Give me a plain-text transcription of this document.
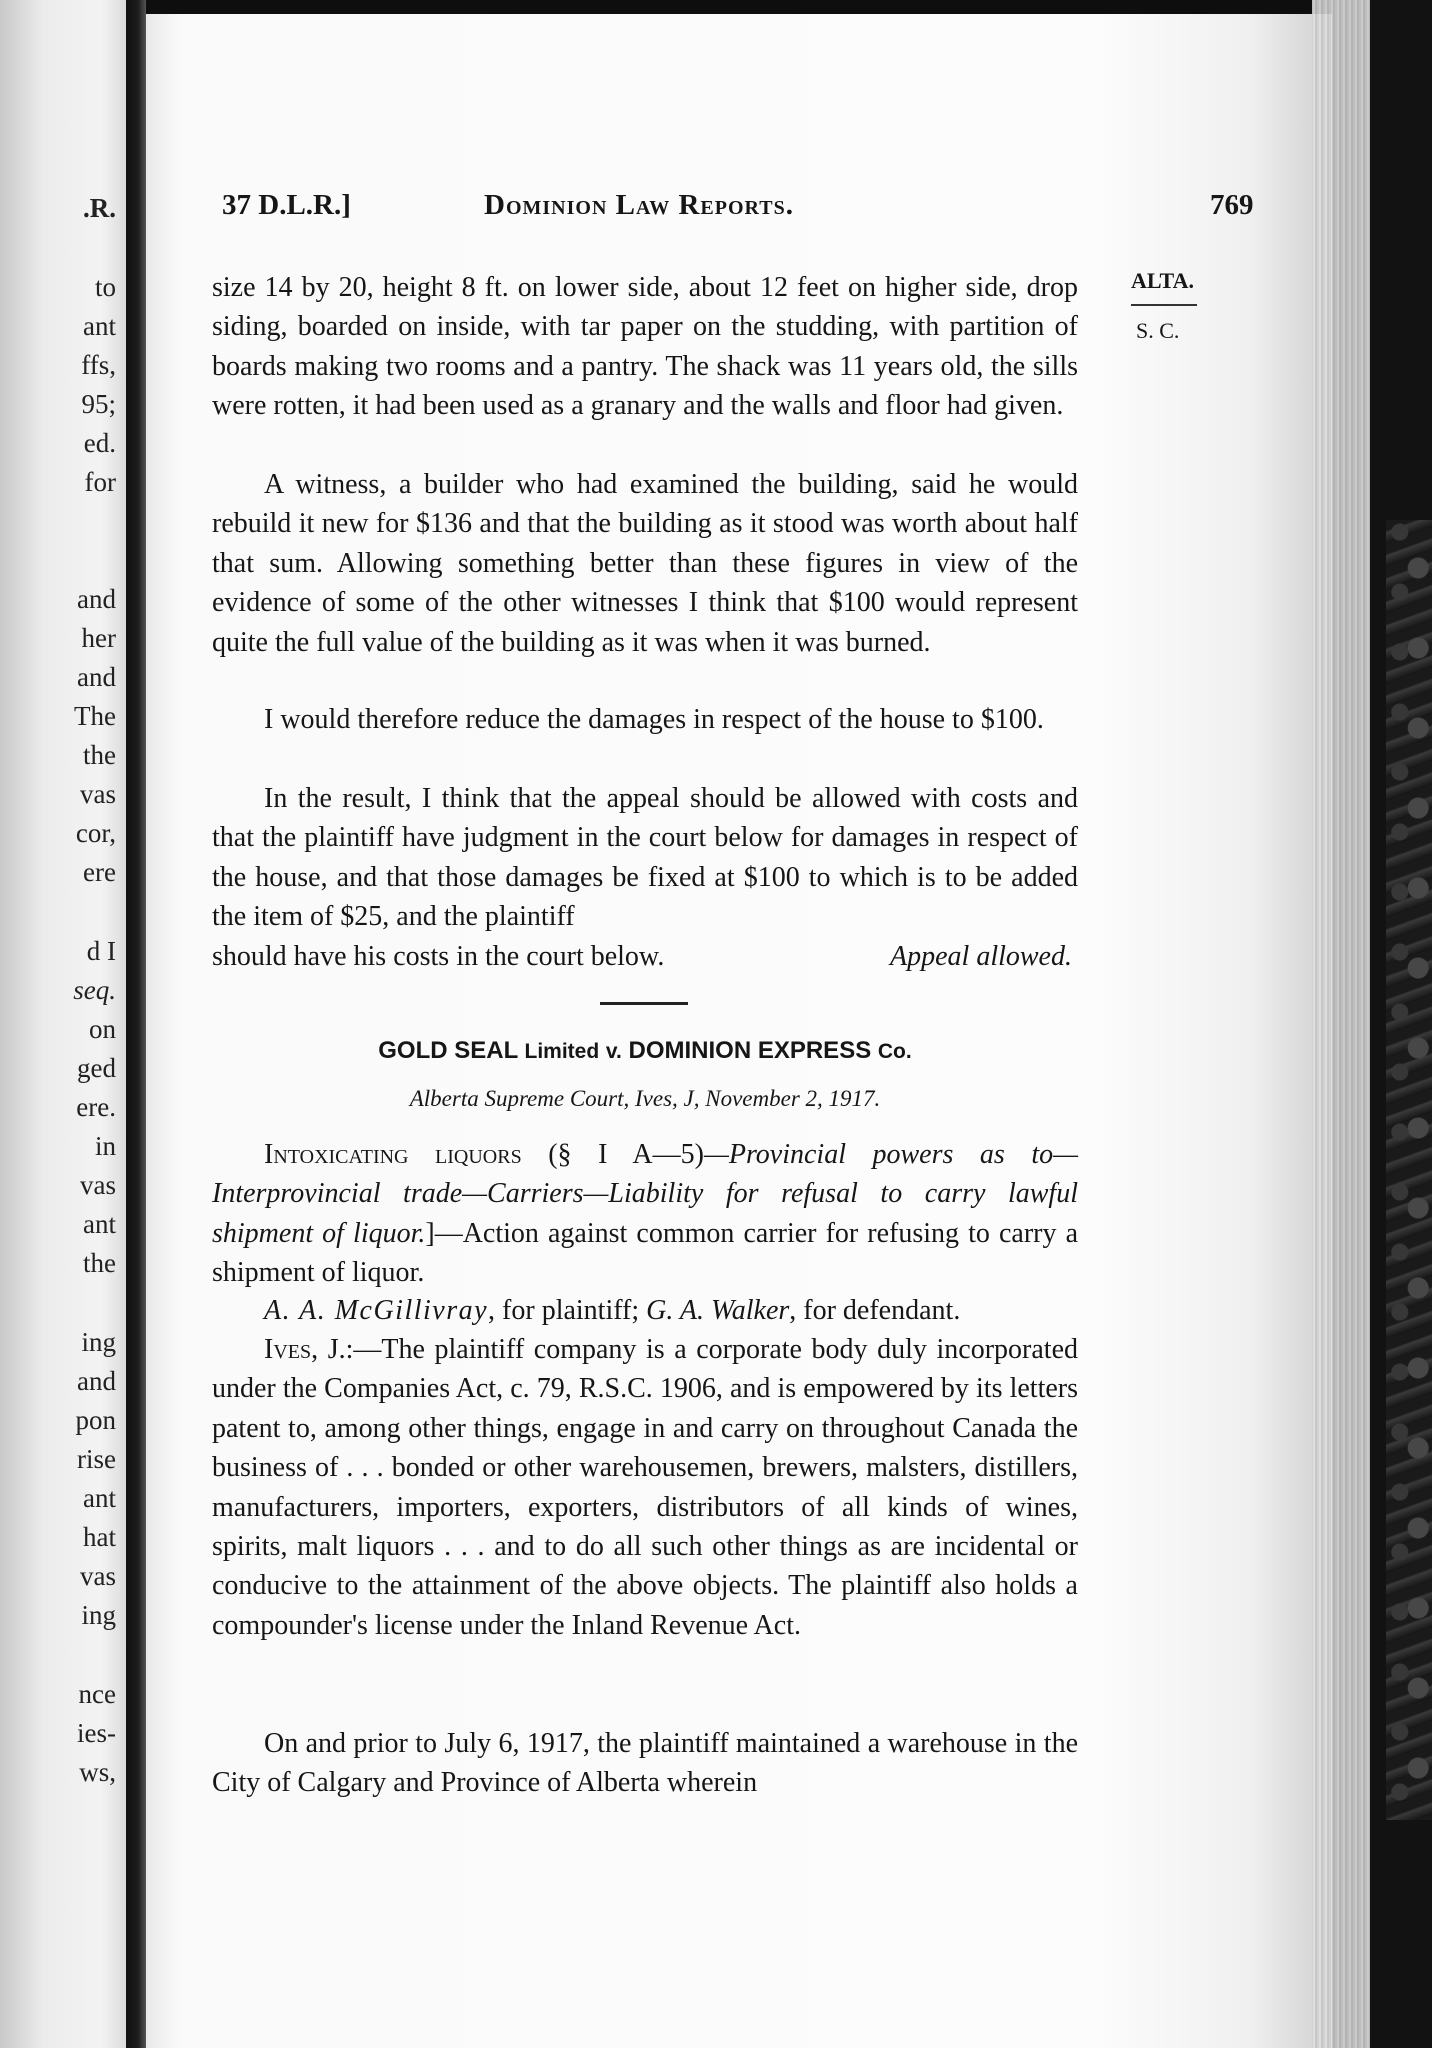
.R.
to
ant
ffs,
95;
ed.
for
and
her
and
The
the
vas
cor,
ere
d I
seq.
on
ged
ere.
in
vas
ant
the
ing
and
pon
rise
ant
hat
vas
ing
nce
ies-
ws,
37 D.L.R.]	Dominion Law Reports.	769
ALTA.
S. C.

size 14 by 20, height 8 ft. on lower side, about 12 feet on higher side, drop siding, boarded on inside, with tar paper on the studding, with partition of boards making two rooms and a pantry. The shack was 11 years old, the sills were rotten, it had been used as a granary and the walls and floor had given.

A witness, a builder who had examined the building, said he would rebuild it new for $136 and that the building as it stood was worth about half that sum. Allowing something better than these figures in view of the evidence of some of the other witnesses I think that $100 would represent quite the full value of the building as it was when it was burned.

I would therefore reduce the damages in respect of the house to $100.

In the result, I think that the appeal should be allowed with costs and that the plaintiff have judgment in the court below for damages in respect of the house, and that those damages be fixed at $100 to which is to be added the item of $25, and the plaintiff

should have his costs in the court below.	Appeal allowed.
GOLD SEAL Limited v. DOMINION EXPRESS Co.
Alberta Supreme Court, Ives, J, November 2, 1917.

Intoxicating liquors (§ I A—5)—Provincial powers as to—Interprovincial trade—Carriers—Liability for refusal to carry lawful shipment of liquor.]—Action against common carrier for refusing to carry a shipment of liquor.

A. A. McGillivray, for plaintiff; G. A. Walker, for defendant.

Ives, J.:—The plaintiff company is a corporate body duly incorporated under the Companies Act, c. 79, R.S.C. 1906, and is empowered by its letters patent to, among other things, engage in and carry on throughout Canada the business of . . . bonded or other warehousemen, brewers, malsters, distillers, manufacturers, importers, exporters, distributors of all kinds of wines, spirits, malt liquors . . . and to do all such other things as are incidental or conducive to the attainment of the above objects. The plaintiff also holds a compounder's license under the Inland Revenue Act.

On and prior to July 6, 1917, the plaintiff maintained a warehouse in the City of Calgary and Province of Alberta wherein
